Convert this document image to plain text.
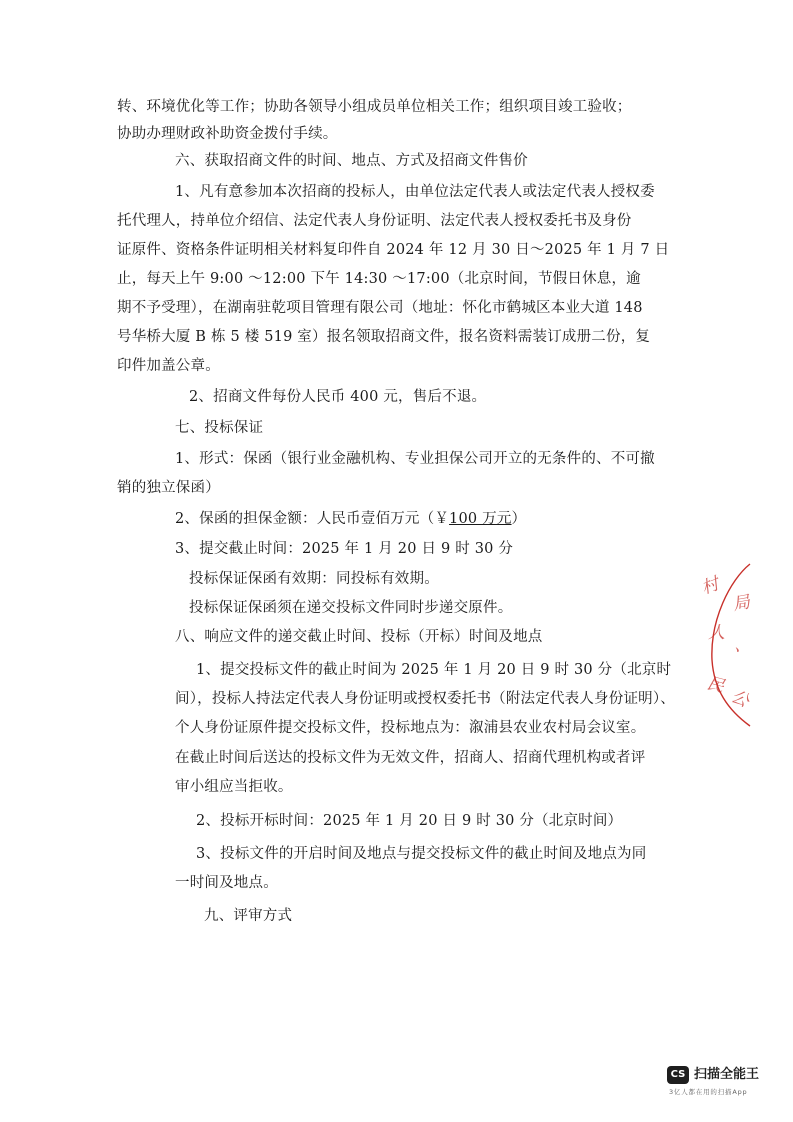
转、环境优化等工作；协助各领导小组成员单位相关工作；组织项目竣工验收；
协助办理财政补助资金拨付手续。
六、获取招商文件的时间、地点、方式及招商文件售价
1、凡有意参加本次招商的投标人，由单位法定代表人或法定代表人授权委
托代理人，持单位介绍信、法定代表人身份证明、法定代表人授权委托书及身份
证原件、资格条件证明相关材料复印件自 2024 年 12 月 30 日～2025 年 1 月 7 日
止，每天上午 9:00 ～12:00 下午 14:30 ～17:00（北京时间，节假日休息，逾
期不予受理），在湖南驻乾项目管理有限公司（地址：怀化市鹤城区本业大道 148
号华桥大厦 B 栋 5 楼 519 室）报名领取招商文件，报名资料需装订成册二份，复
印件加盖公章。
2、招商文件每份人民币 400 元，售后不退。
七、投标保证
1、形式：保函（银行业金融机构、专业担保公司开立的无条件的、不可撤
销的独立保函）
2、保函的担保金额：人民币壹佰万元（￥100 万元）
3、提交截止时间：2025 年 1 月 20 日 9 时 30 分
投标保证保函有效期：同投标有效期。
投标保证保函须在递交投标文件同时步递交原件。
八、响应文件的递交截止时间、投标（开标）时间及地点
1、提交投标文件的截止时间为 2025 年 1 月 20 日 9 时 30 分（北京时
间），投标人持法定代表人身份证明或授权委托书（附法定代表人身份证明）、
个人身份证原件提交投标文件，投标地点为：溆浦县农业农村局会议室。
在截止时间后送达的投标文件为无效文件，招商人、招商代理机构或者评
审小组应当拒收。
2、投标开标时间：2025 年 1 月 20 日 9 时 30 分（北京时间）
3、投标文件的开启时间及地点与提交投标文件的截止时间及地点为同
一时间及地点。
九、评审方式
村
局
人
、
民
公
CS 扫描全能王
3亿人都在用的扫描App
